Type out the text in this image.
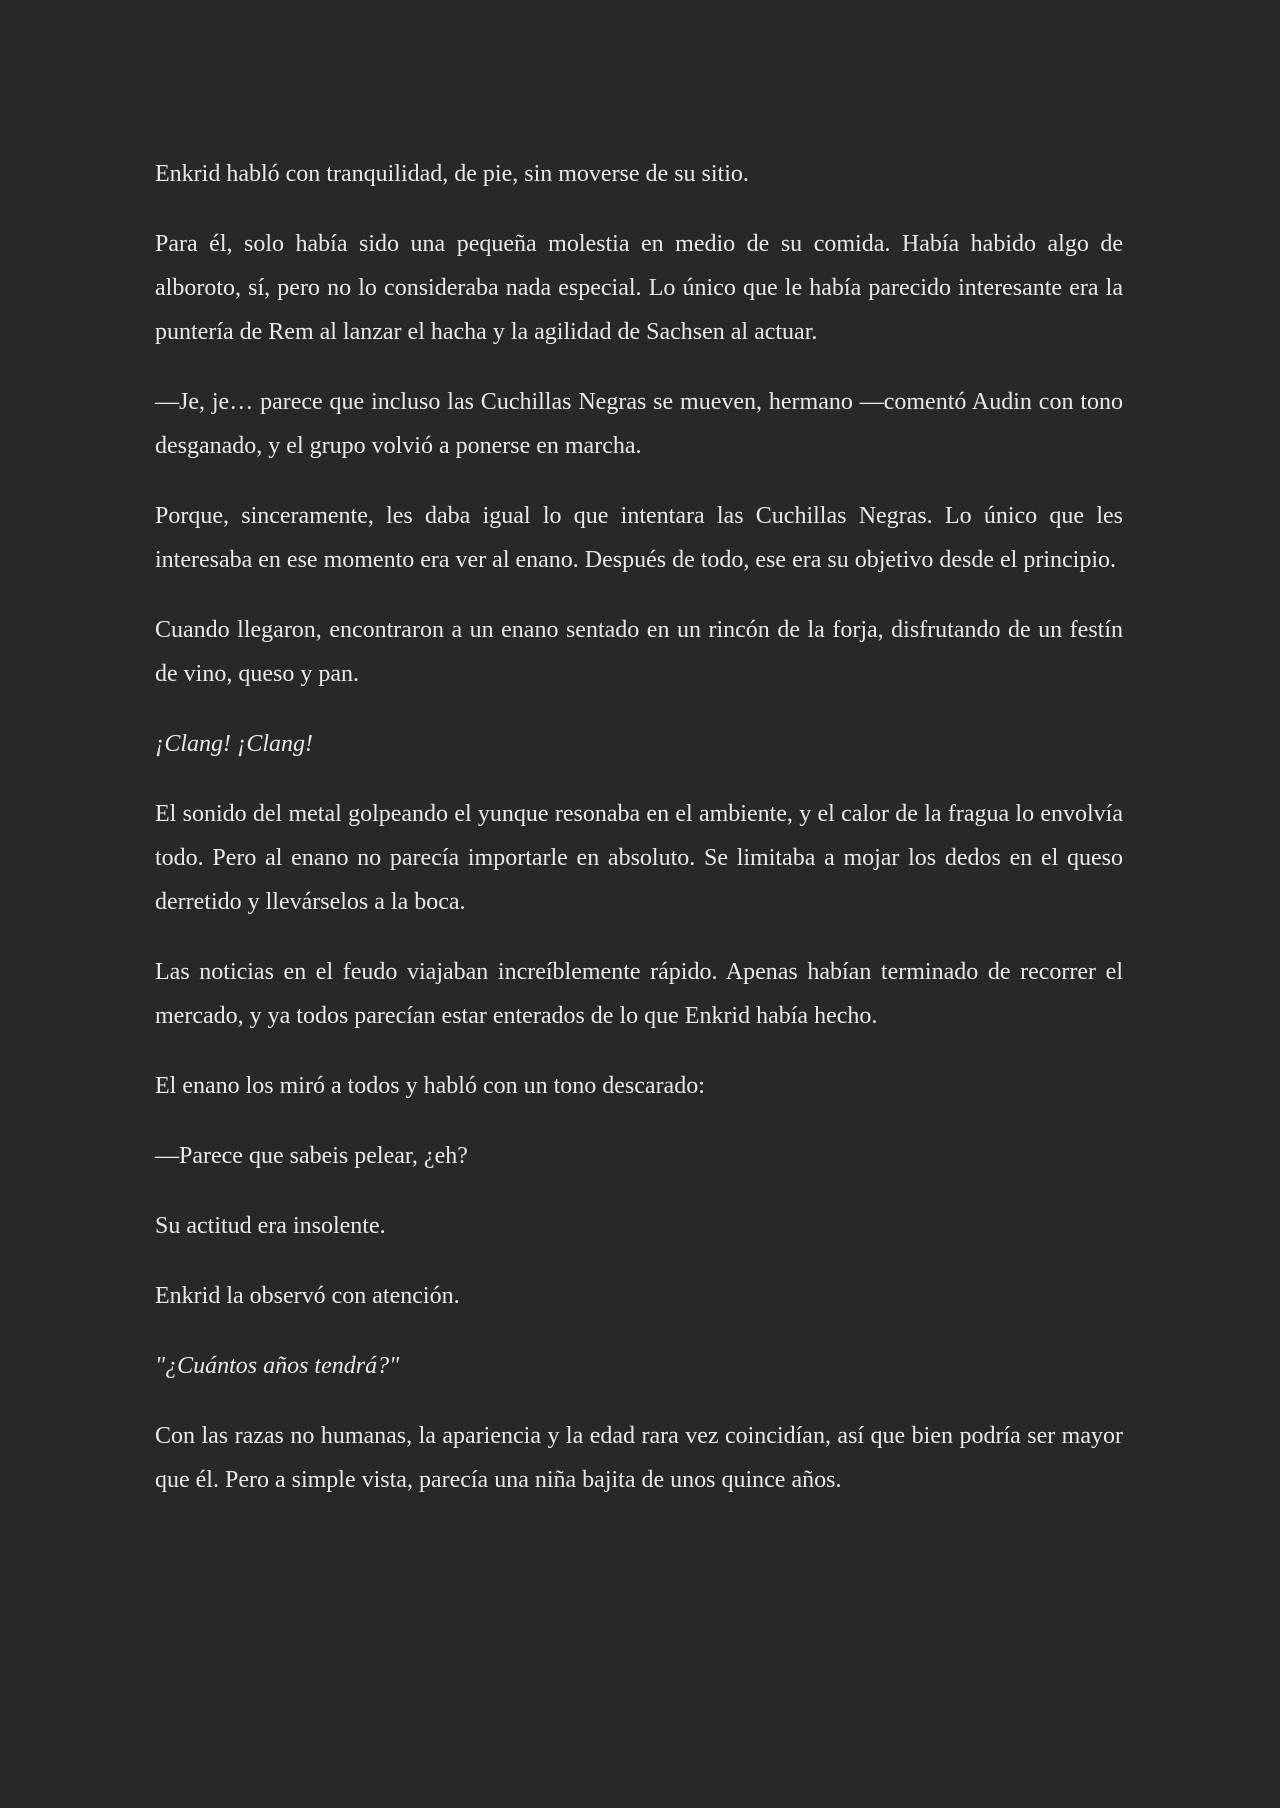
Enkrid habló con tranquilidad, de pie, sin moverse de su sitio.

Para él, solo había sido una pequeña molestia en medio de su comida. Había habido algo de alboroto, sí, pero no lo consideraba nada especial. Lo único que le había parecido interesante era la puntería de Rem al lanzar el hacha y la agilidad de Sachsen al actuar.

—Je, je… parece que incluso las Cuchillas Negras se mueven, hermano —comentó Audin con tono desganado, y el grupo volvió a ponerse en marcha.

Porque, sinceramente, les daba igual lo que intentara las Cuchillas Negras. Lo único que les interesaba en ese momento era ver al enano. Después de todo, ese era su objetivo desde el principio.

Cuando llegaron, encontraron a un enano sentado en un rincón de la forja, disfrutando de un festín de vino, queso y pan.

¡Clang! ¡Clang!

El sonido del metal golpeando el yunque resonaba en el ambiente, y el calor de la fragua lo envolvía todo. Pero al enano no parecía importarle en absoluto. Se limitaba a mojar los dedos en el queso derretido y llevárselos a la boca.

Las noticias en el feudo viajaban increíblemente rápido. Apenas habían terminado de recorrer el mercado, y ya todos parecían estar enterados de lo que Enkrid había hecho.

El enano los miró a todos y habló con un tono descarado:

—Parece que sabeis pelear, ¿eh?

Su actitud era insolente.

Enkrid la observó con atención.

"¿Cuántos años tendrá?"

Con las razas no humanas, la apariencia y la edad rara vez coincidían, así que bien podría ser mayor que él. Pero a simple vista, parecía una niña bajita de unos quince años.
